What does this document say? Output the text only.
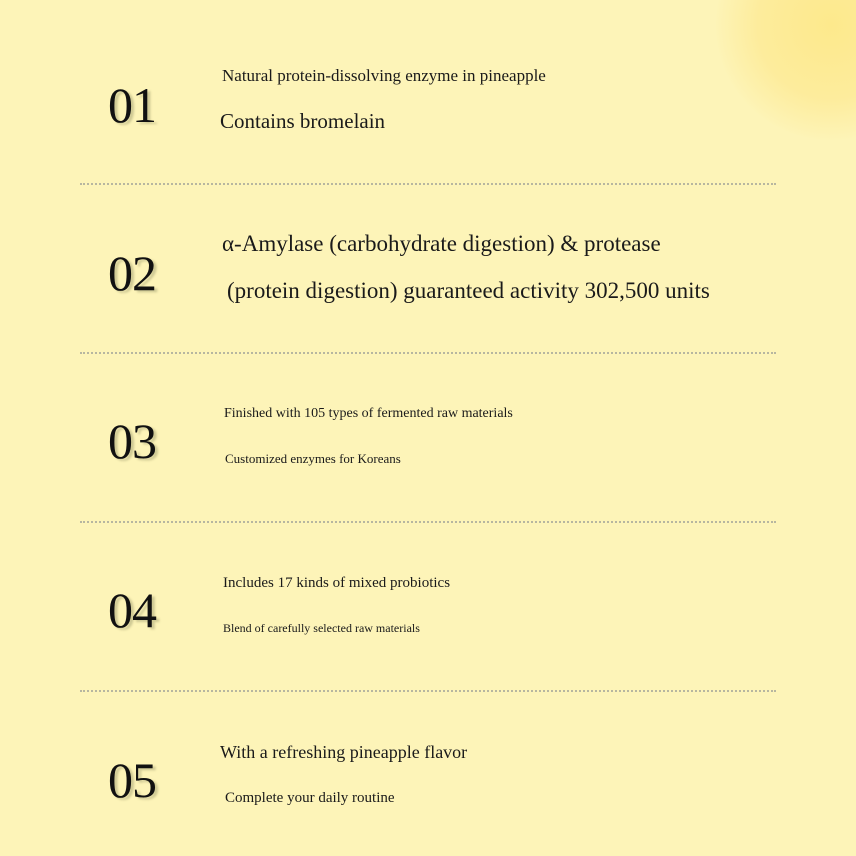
01
Natural protein-dissolving enzyme in pineapple
Contains bromelain
02
α-Amylase (carbohydrate digestion) & protease
(protein digestion) guaranteed activity 302,500 units
03	Finished with 105 types of fermented raw materials
Customized enzymes for Koreans
04	Includes 17 kinds of mixed probiotics
Blend of carefully selected raw materials
05	With a refreshing pineapple flavor
Complete your daily routine
